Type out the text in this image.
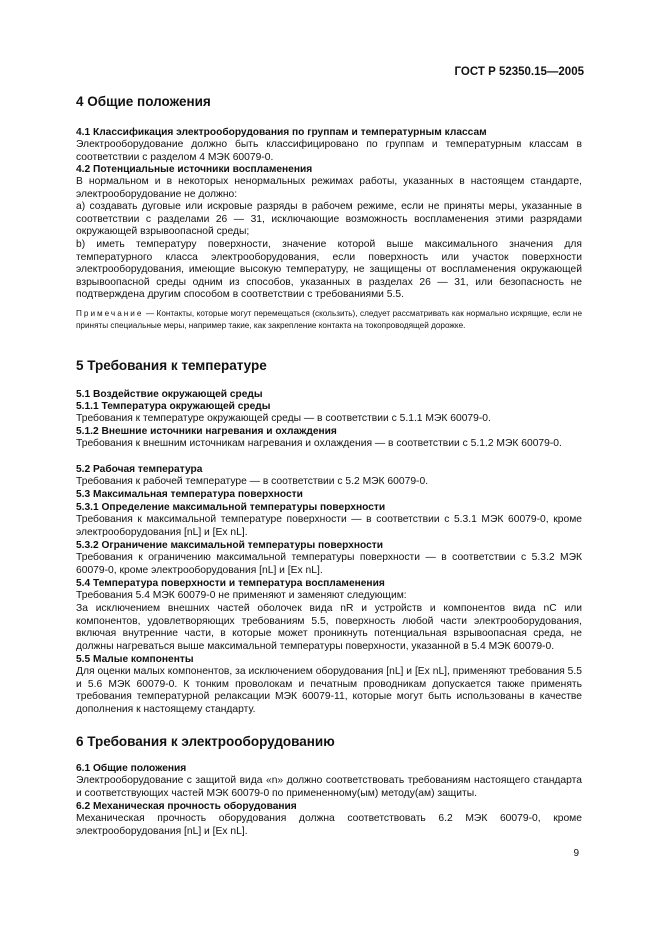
ГОСТ Р 52350.15—2005
4 Общие положения
4.1 Классификация электрооборудования по группам и температурным классам

Электрооборудование должно быть классифицировано по группам и температурным классам в соответствии с разделом 4 МЭК 60079-0.

4.2 Потенциальные источники воспламенения

В нормальном и в некоторых ненормальных режимах работы, указанных в настоящем стандарте, электрооборудование не должно:

а) создавать дуговые или искровые разряды в рабочем режиме, если не приняты меры, указанные в соответствии с разделами 26 — 31, исключающие возможность воспламенения этими разрядами окружающей взрывоопасной среды;

b) иметь температуру поверхности, значение которой выше максимального значения для температурного класса электрооборудования, если поверхность или участок поверхности электрооборудования, имеющие высокую температуру, не защищены от воспламенения окружающей взрывоопасной среды одним из способов, указанных в разделах 26 — 31, или безопасность не подтверждена другим способом в соответствии с требованиями 5.5.

Примечание — Контакты, которые могут перемещаться (скользить), следует рассматривать как нормально искрящие, если не приняты специальные меры, например такие, как закрепление контакта на токопроводящей дорожке.

5 Требования к температуре
5.1 Воздействие окружающей среды
5.1.1 Температура окружающей среды

Требования к температуре окружающей среды — в соответствии с 5.1.1 МЭК 60079-0.

5.1.2 Внешние источники нагревания и охлаждения

Требования к внешним источникам нагревания и охлаждения — в соответствии с 5.1.2 МЭК 60079-0.

5.2 Рабочая температура

Требования к рабочей температуре — в соответствии с 5.2 МЭК 60079-0.

5.3 Максимальная температура поверхности
5.3.1 Определение максимальной температуры поверхности

Требования к максимальной температуре поверхности — в соответствии с 5.3.1 МЭК 60079-0, кроме электрооборудования [nL] и [Ex nL].

5.3.2 Ограничение максимальной температуры поверхности

Требования к ограничению максимальной температуры поверхности — в соответствии с 5.3.2 МЭК 60079-0, кроме электрооборудования [nL] и [Ex nL].

5.4 Температура поверхности и температура воспламенения

Требования 5.4 МЭК 60079-0 не применяют и заменяют следующим:

За исключением внешних частей оболочек вида nR и устройств и компонентов вида nC или компонентов, удовлетворяющих требованиям 5.5, поверхность любой части электрооборудования, включая внутренние части, в которые может проникнуть потенциальная взрывоопасная среда, не должны нагреваться выше максимальной температуры поверхности, указанной в 5.4 МЭК 60079-0.

5.5 Малые компоненты

Для оценки малых компонентов, за исключением оборудования [nL] и [Ex nL], применяют требования 5.5 и 5.6 МЭК 60079-0. К тонким проволокам и печатным проводникам допускается также применять требования температурной релаксации МЭК 60079-11, которые могут быть использованы в качестве дополнения к настоящему стандарту.

6 Требования к электрооборудованию
6.1 Общие положения

Электрооборудование с защитой вида «n» должно соответствовать требованиям настоящего стандарта и соответствующих частей МЭК 60079-0 по примененному(ым) методу(ам) защиты.

6.2 Механическая прочность оборудования

Механическая прочность оборудования должна соответствовать 6.2 МЭК 60079-0, кроме электрооборудования [nL] и [Ex nL].

9
